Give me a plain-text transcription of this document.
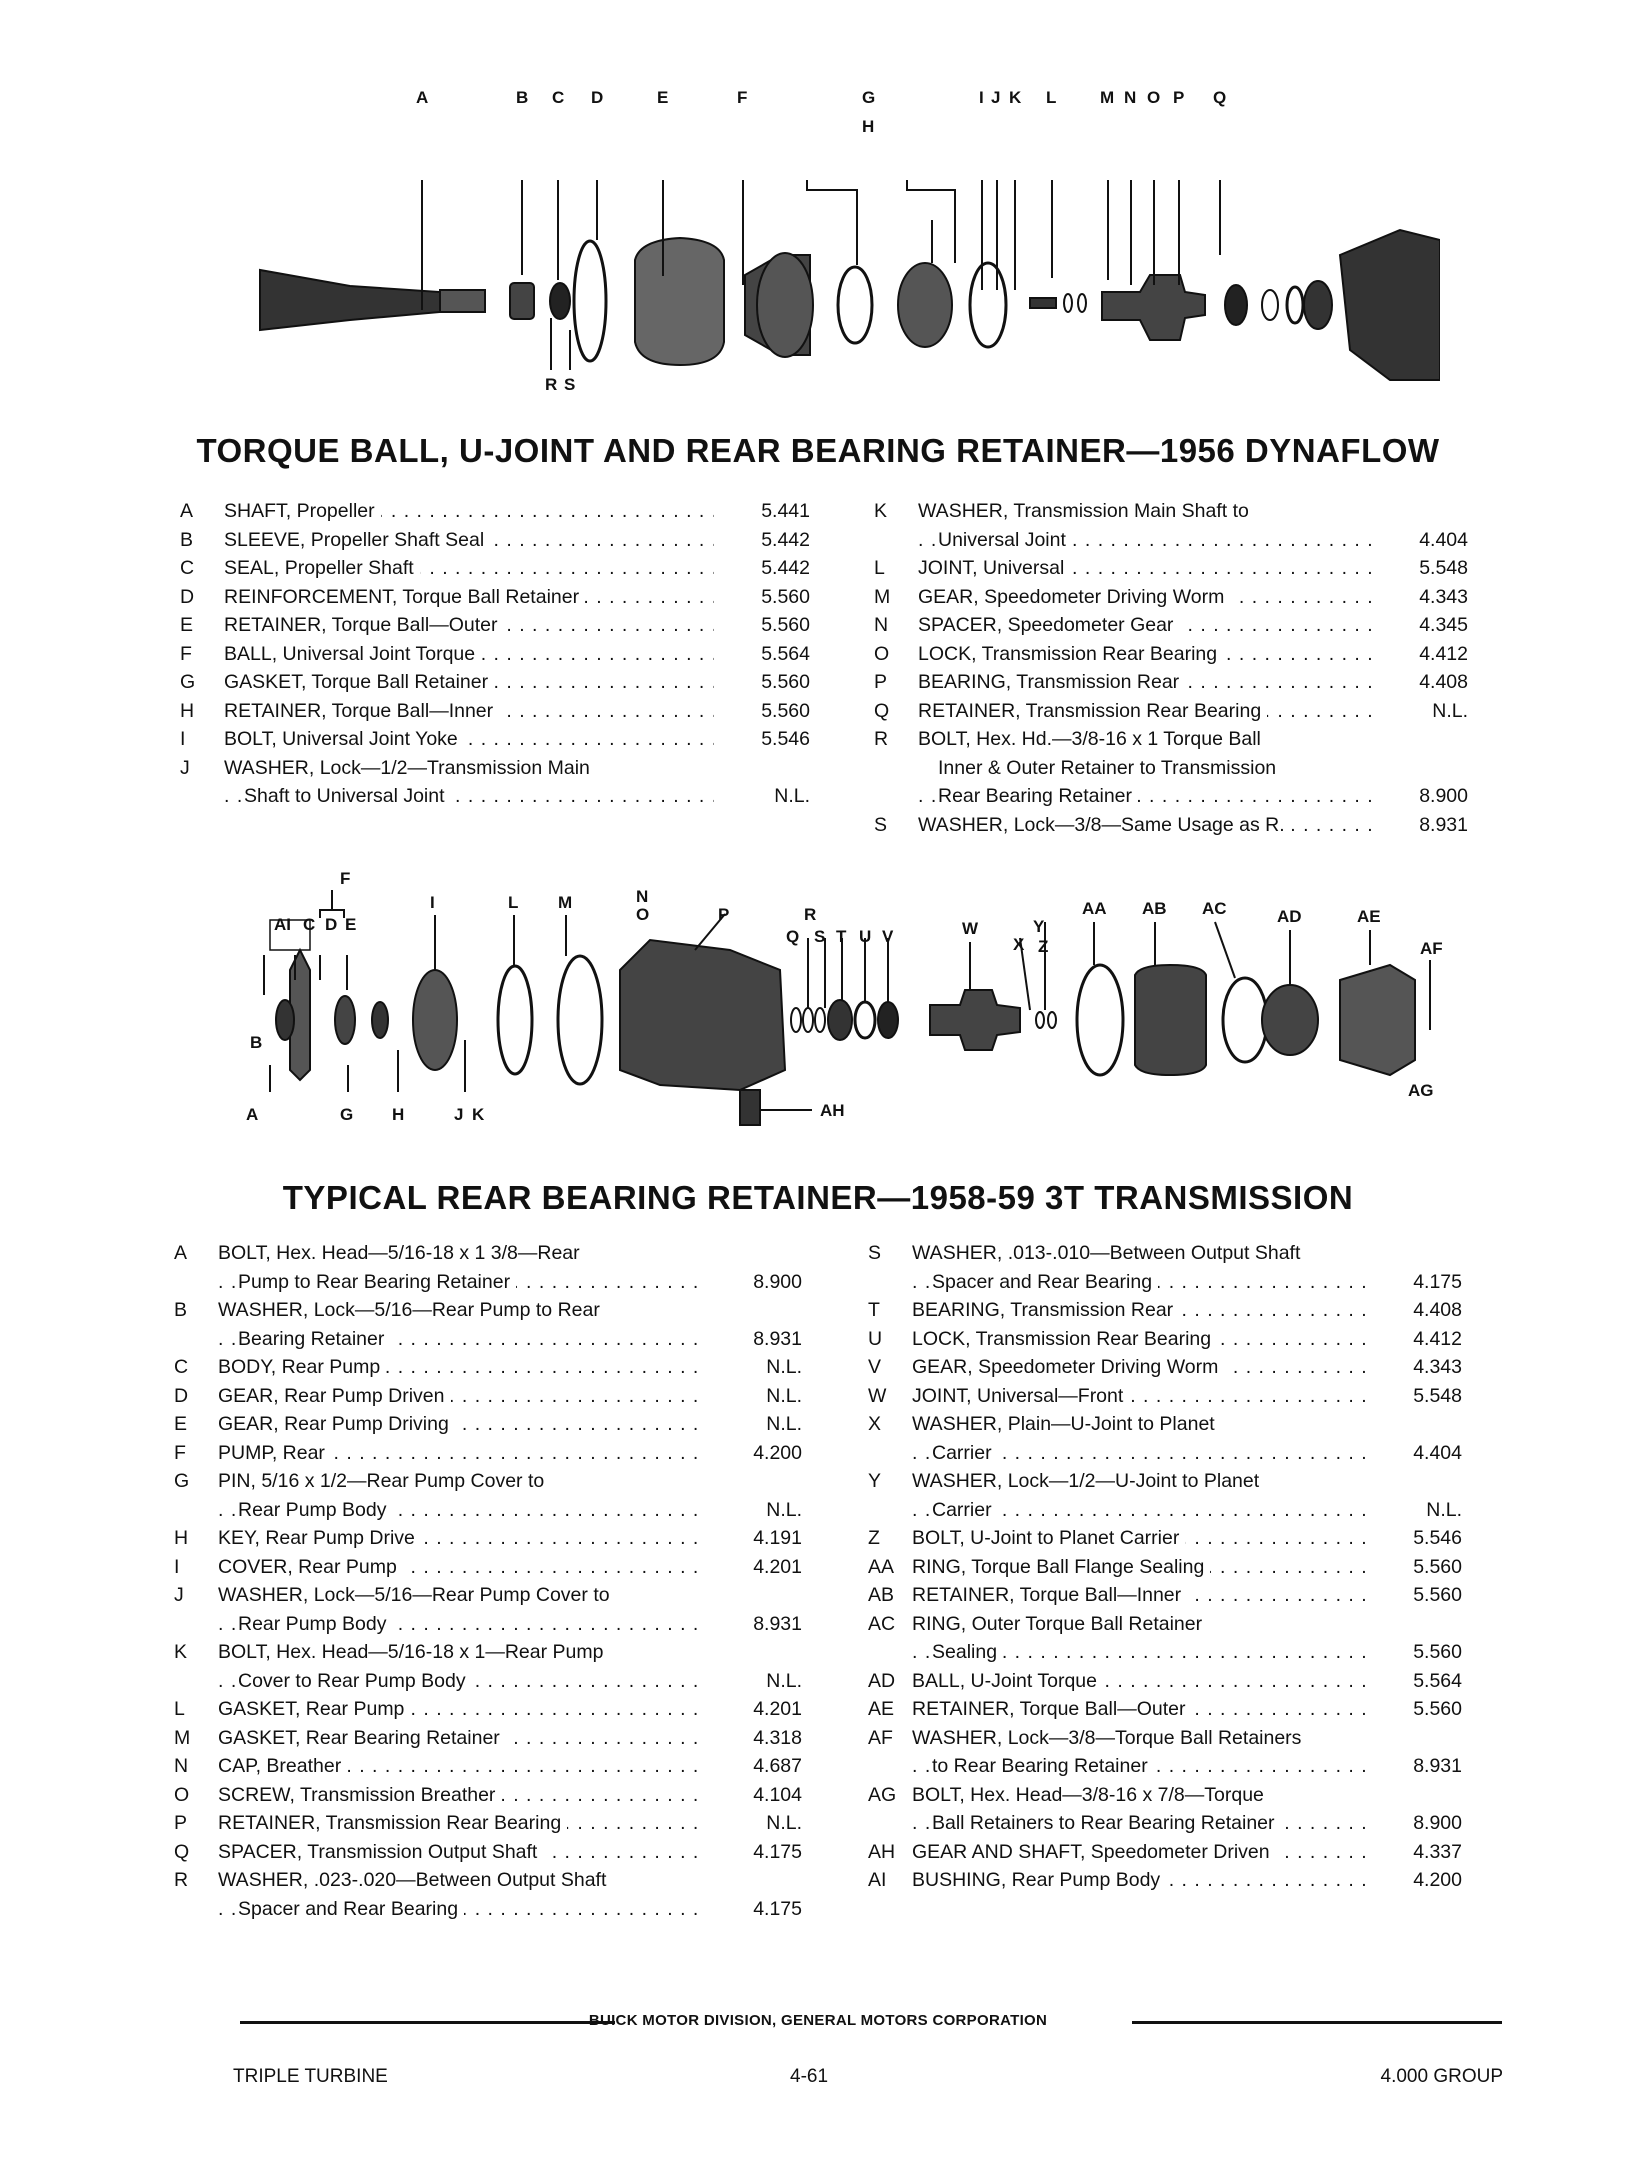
A	B C D	E	F	G
H
I J K L	M N O P Q
R S
TORQUE BALL, U-JOINT AND REAR BEARING RETAINER—1956 DYNAFLOW
A	SHAFT, Propeller . . .	5.441
B	SLEEVE, Propeller Shaft Seal . . .	5.442
C	SEAL, Propeller Shaft . . .	5.442
D	REINFORCEMENT, Torque Ball Retainer . . .	5.560
E	RETAINER, Torque Ball—Outer . . .	5.560
F	BALL, Universal Joint Torque . . .	5.564
G	GASKET, Torque Ball Retainer . . .	5.560
H	RETAINER, Torque Ball—Inner . . .	5.560
I	BOLT, Universal Joint Yoke . . .	5.546
J	WASHER, Lock—1/2—Transmission Main
Shaft to Universal Joint . . .	N.L.
K	WASHER, Transmission Main Shaft to
Universal Joint . . .	4.404
L	JOINT, Universal . . .	5.548
M	GEAR, Speedometer Driving Worm . . .	4.343
N	SPACER, Speedometer Gear . . .	4.345
O	LOCK, Transmission Rear Bearing . . .	4.412
P	BEARING, Transmission Rear . . .	4.408
Q	RETAINER, Transmission Rear Bearing . . .	N.L.
R	BOLT, Hex. Hd.—3/8-16 x 1 Torque Ball
Inner & Outer Retainer to Transmission
Rear Bearing Retainer . . .	8.900
S	WASHER, Lock—3/8—Same Usage as R. . . .	8.931
F
AI C D E
I	L M	N
O	P	R
Q S T U V	W
X
Y
Z
AA AB AC	AD	AE
AF
AG
B
A	G H	J K	AH
TYPICAL REAR BEARING RETAINER—1958-59 3T TRANSMISSION
A	BOLT, Hex. Head—5/16-18 x 1 3/8—Rear
Pump to Rear Bearing Retainer . . .	8.900
B	WASHER, Lock—5/16—Rear Pump to Rear
Bearing Retainer . . .	8.931
C	BODY, Rear Pump . . .	N.L.
D	GEAR, Rear Pump Driven . . .	N.L.
E	GEAR, Rear Pump Driving . . .	N.L.
F	PUMP, Rear . . .	4.200
G	PIN, 5/16 x 1/2—Rear Pump Cover to
Rear Pump Body . . .	N.L.
H	KEY, Rear Pump Drive . . .	4.191
I	COVER, Rear Pump . . .	4.201
J	WASHER, Lock—5/16—Rear Pump Cover to
Rear Pump Body . . .	8.931
K	BOLT, Hex. Head—5/16-18 x 1—Rear Pump
Cover to Rear Pump Body . . .	N.L.
L	GASKET, Rear Pump . . .	4.201
M	GASKET, Rear Bearing Retainer . . .	4.318
N	CAP, Breather . . .	4.687
O	SCREW, Transmission Breather . . .	4.104
P	RETAINER, Transmission Rear Bearing . . .	N.L.
Q	SPACER, Transmission Output Shaft . . .	4.175
R	WASHER, .023-.020—Between Output Shaft
Spacer and Rear Bearing . . .	4.175
S	WASHER, .013-.010—Between Output Shaft
Spacer and Rear Bearing . . .	4.175
T	BEARING, Transmission Rear . . .	4.408
U	LOCK, Transmission Rear Bearing . . .	4.412
V	GEAR, Speedometer Driving Worm . . .	4.343
W	JOINT, Universal—Front . . .	5.548
X	WASHER, Plain—U-Joint to Planet
Carrier . . .	4.404
Y	WASHER, Lock—1/2—U-Joint to Planet
Carrier . . .	N.L.
Z	BOLT, U-Joint to Planet Carrier . . .	5.546
AA RING, Torque Ball Flange Sealing . . .	5.560
AB RETAINER, Torque Ball—Inner . . .	5.560
AC RING, Outer Torque Ball Retainer
Sealing . . .	5.560
AD BALL, U-Joint Torque . . .	5.564
AE RETAINER, Torque Ball—Outer . . .	5.560
AF WASHER, Lock—3/8—Torque Ball Retainers
to Rear Bearing Retainer . . .	8.931
AG BOLT, Hex. Head—3/8-16 x 7/8—Torque
Ball Retainers to Rear Bearing Retainer . . .	8.900
AH GEAR AND SHAFT, Speedometer Driven . . .	4.337
AI	BUSHING, Rear Pump Body . . .	4.200
BUICK MOTOR DIVISION, GENERAL MOTORS CORPORATION
TRIPLE TURBINE	4-61	4.000 GROUP
